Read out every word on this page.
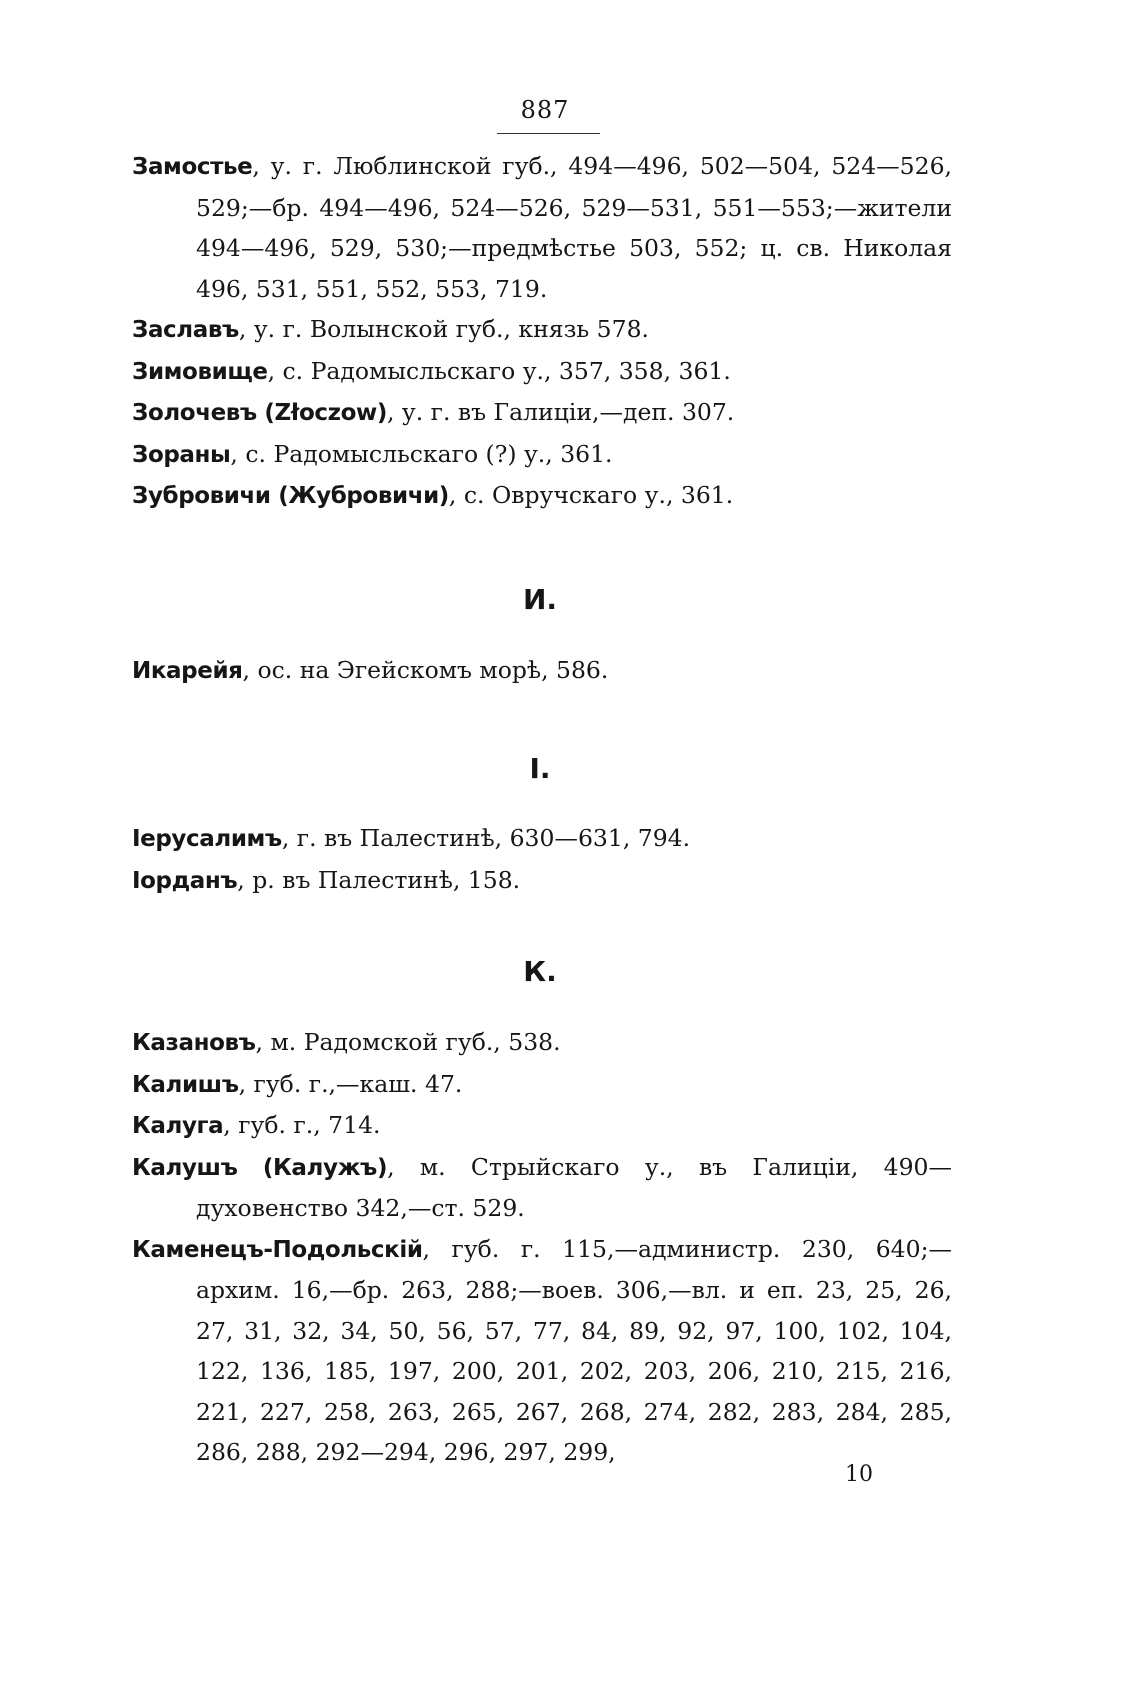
887

Замостье, у. г. Люблинской губ., 494—496, 502—504, 524—526, 529;—бр. 494—496, 524—526, 529—531, 551—553;—жители 494—496, 529, 530;—предмѣстье 503, 552; ц. св. Николая 496, 531, 551, 552, 553, 719.

Заславъ, у. г. Волынской губ., князь 578.

Зимовище, с. Радомысльскаго у., 357, 358, 361.

Золочевъ (Złoczow), у. г. въ Галиціи,—деп. 307.

Зораны, с. Радомысльскаго (?) у., 361.

Зубровичи (Жубровичи), с. Овручскаго у., 361.

И.

Икарейя, ос. на Эгейскомъ морѣ, 586.

І.

Іерусалимъ, г. въ Палестинѣ, 630—631, 794.

Іорданъ, р. въ Палестинѣ, 158.

К.

Казановъ, м. Радомской губ., 538.

Калишъ, губ. г.,—каш. 47.

Калуга, губ. г., 714.

Калушъ (Калужъ), м. Стрыйскаго у., въ Галиціи, 490—духовенство 342,—ст. 529.

Каменецъ-Подольскій, губ. г. 115,—администр. 230, 640;—архим. 16,—бр. 263, 288;—воев. 306,—вл. и еп. 23, 25, 26, 27, 31, 32, 34, 50, 56, 57, 77, 84, 89, 92, 97, 100, 102, 104, 122, 136, 185, 197, 200, 201, 202, 203, 206, 210, 215, 216, 221, 227, 258, 263, 265, 267, 268, 274, 282, 283, 284, 285, 286, 288, 292—294, 296, 297, 299,

10
